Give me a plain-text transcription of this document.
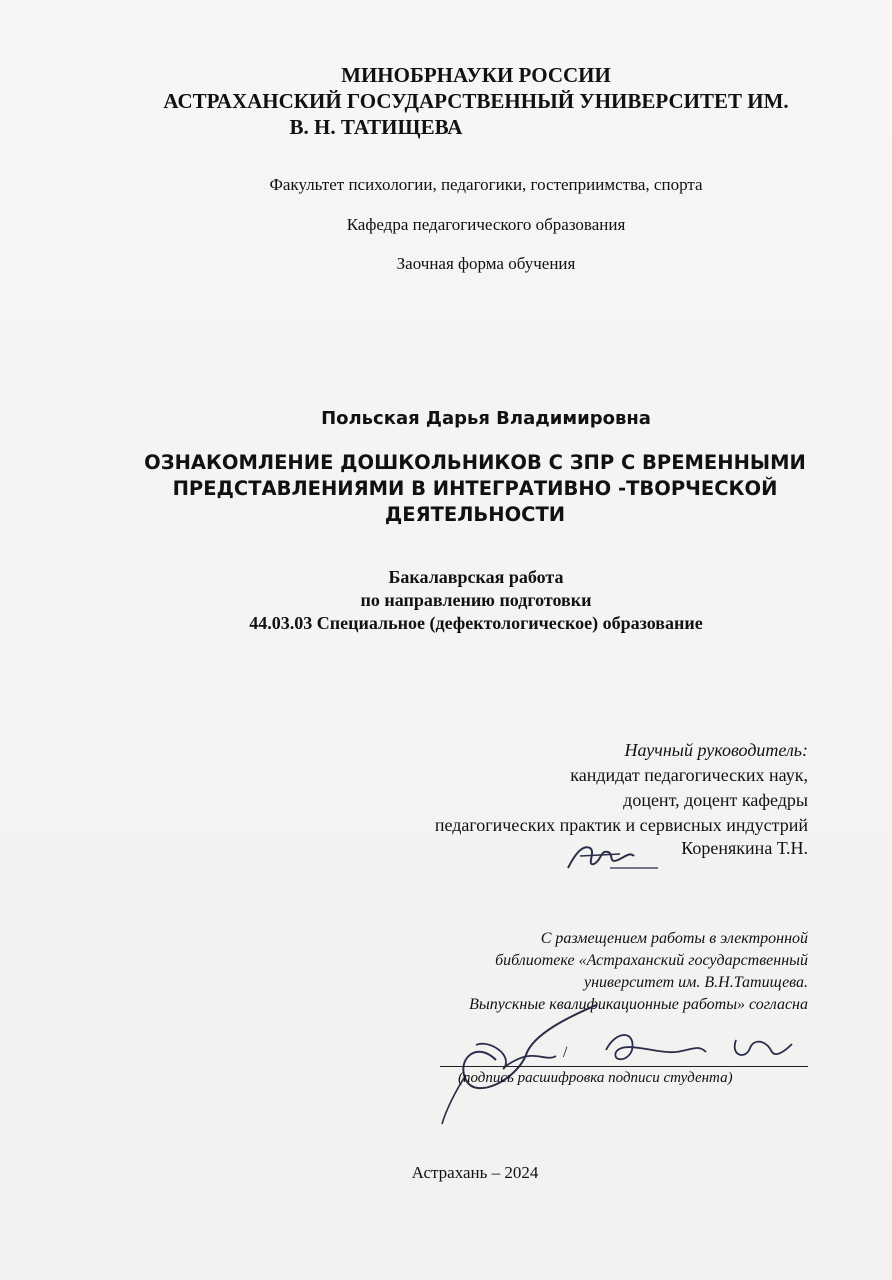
МИНОБРНАУКИ РОССИИ
АСТРАХАНСКИЙ ГОСУДАРСТВЕННЫЙ УНИВЕРСИТЕТ ИМ.
В. Н. ТАТИЩЕВА
Факультет психологии, педагогики, гостеприимства, спорта
Кафедра педагогического образования
Заочная форма обучения
Польская Дарья Владимировна
ОЗНАКОМЛЕНИЕ ДОШКОЛЬНИКОВ С ЗПР С ВРЕМЕННЫМИ
ПРЕДСТАВЛЕНИЯМИ В ИНТЕГРАТИВНО -ТВОРЧЕСКОЙ
ДЕЯТЕЛЬНОСТИ
Бакалаврская работа
по направлению подготовки
44.03.03 Специальное (дефектологическое) образование
Научный руководитель:
кандидат педагогических наук,
доцент, доцент кафедры
педагогических практик и сервисных индустрий
Коренякина Т.Н.
С размещением работы в электронной
библиотеке «Астраханский государственный
университет им. В.Н.Татищева.
Выпускные квалификационные работы» согласна
/
(подпись расшифровка подписи студента)
Астрахань – 2024
